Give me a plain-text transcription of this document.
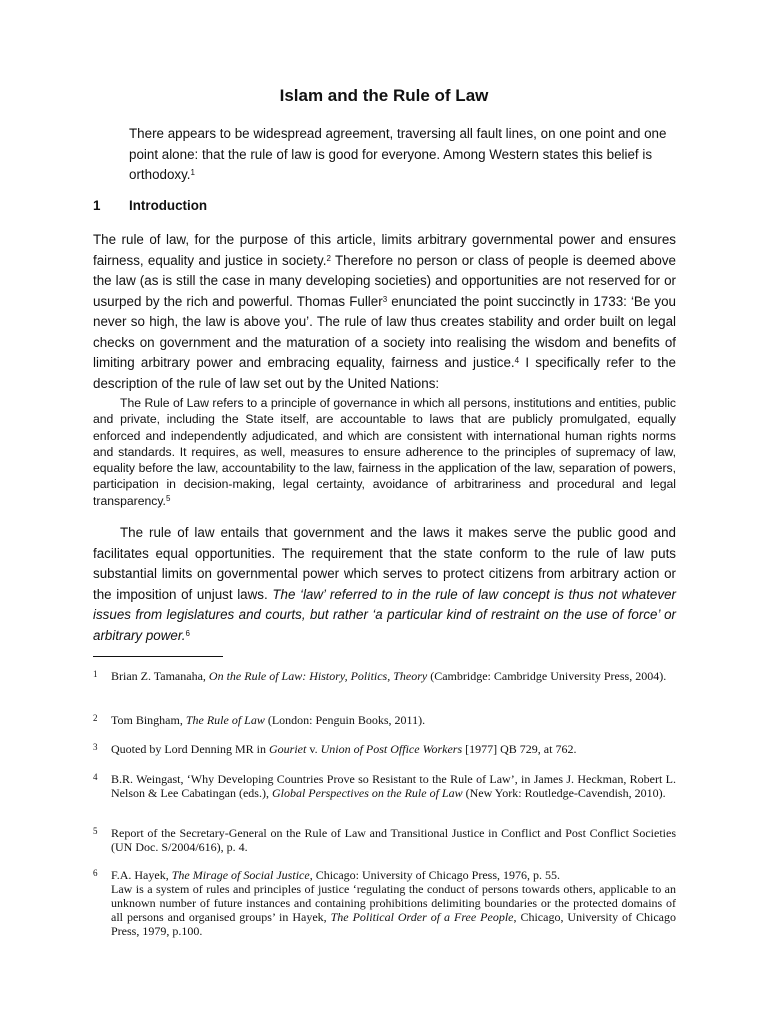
Islam and the Rule of Law
There appears to be widespread agreement, traversing all fault lines, on one point and one point alone: that the rule of law is good for everyone. Among Western states this belief is orthodoxy.$^1$
1 Introduction
The rule of law, for the purpose of this article, limits arbitrary governmental power and ensures fairness, equality and justice in society.$^2$ Therefore no person or class of people is deemed above the law (as is still the case in many developing societies) and opportunities are not reserved for or usurped by the rich and powerful. Thomas Fuller$^3$ enunciated the point succinctly in 1733: ‘Be you never so high, the law is above you’. The rule of law thus creates stability and order built on legal checks on government and the maturation of a society into realising the wisdom and benefits of limiting arbitrary power and embracing equality, fairness and justice.$^4$ I specifically refer to the description of the rule of law set out by the United Nations:

The Rule of Law refers to a principle of governance in which all persons, institutions and entities, public and private, including the State itself, are accountable to laws that are publicly promulgated, equally enforced and independently adjudicated, and which are consistent with international human rights norms and standards. It requires, as well, measures to ensure adherence to the principles of supremacy of law, equality before the law, accountability to the law, fairness in the application of the law, separation of powers, participation in decision-making, legal certainty, avoidance of arbitrariness and procedural and legal transparency.$^5$

The rule of law entails that government and the laws it makes serve the public good and facilitates equal opportunities. The requirement that the state conform to the rule of law puts substantial limits on governmental power which serves to protect citizens from arbitrary action or the imposition of unjust laws. The ‘law’ referred to in the rule of law concept is thus not whatever issues from legislatures and courts, but rather ‘a particular kind of restraint on the use of force’ or arbitrary power.$^6$

1 Brian Z. Tamanaha, On the Rule of Law: History, Politics, Theory (Cambridge: Cambridge University Press, 2004).
2 Tom Bingham, The Rule of Law (London: Penguin Books, 2011).
3 Quoted by Lord Denning MR in Gouriet v. Union of Post Office Workers [1977] QB 729, at 762.
4 B.R. Weingast, ‘Why Developing Countries Prove so Resistant to the Rule of Law’, in James J. Heckman, Robert L. Nelson & Lee Cabatingan (eds.), Global Perspectives on the Rule of Law (New York: Routledge-Cavendish, 2010).
5 Report of the Secretary-General on the Rule of Law and Transitional Justice in Conflict and Post Conflict Societies (UN Doc. S/2004/616), p. 4.
6 F.A. Hayek, The Mirage of Social Justice, Chicago: University of Chicago Press, 1976, p. 55.
Law is a system of rules and principles of justice ‘regulating the conduct of persons towards others, applicable to an unknown number of future instances and containing prohibitions delimiting boundaries or the protected domains of all persons and organised groups’ in Hayek, The Political Order of a Free People, Chicago, University of Chicago Press, 1979, p.100.
